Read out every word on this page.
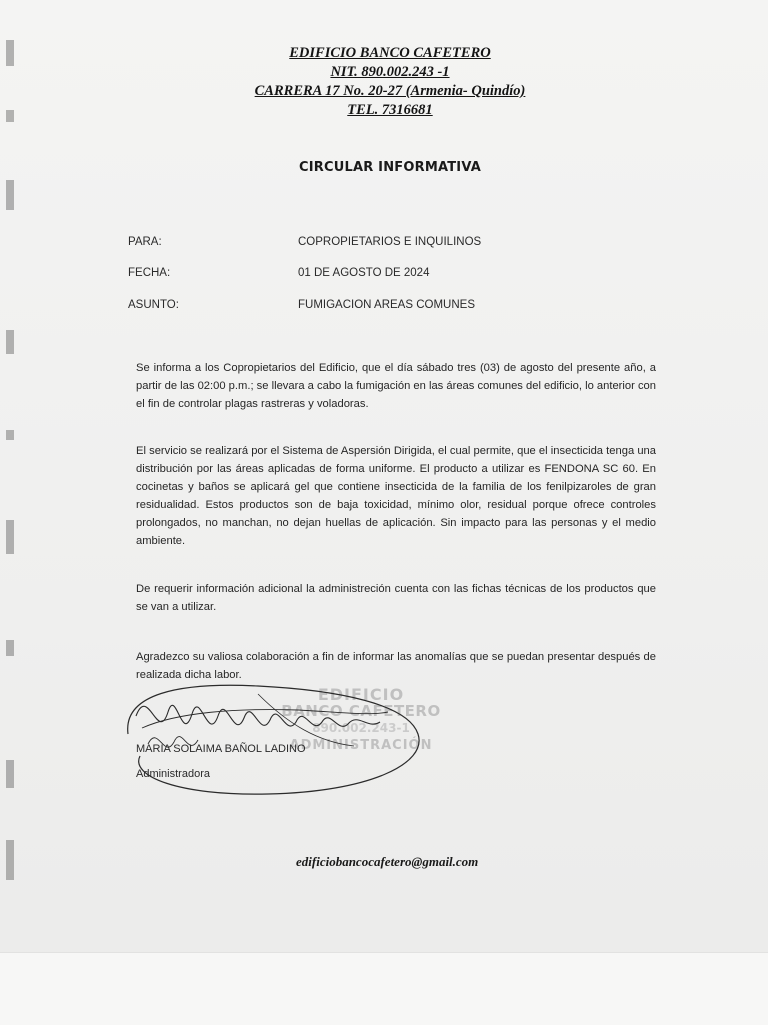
EDIFICIO BANCO CAFETERO
NIT. 890.002.243 -1
CARRERA 17 No. 20-27 (Armenia- Quindío)
TEL. 7316681
CIRCULAR INFORMATIVA
PARA:	COPROPIETARIOS E INQUILINOS
FECHA:	01 DE AGOSTO DE 2024
ASUNTO:	FUMIGACION AREAS COMUNES
Se informa a los Copropietarios del Edificio, que el día sábado tres (03) de agosto del presente año, a partir de las 02:00 p.m.; se llevara a cabo la fumigación en las áreas comunes del edificio, lo anterior con el fin de controlar plagas rastreras y voladoras.
El servicio se realizará por el Sistema de Aspersión Dirigida, el cual permite, que el insecticida tenga una distribución por las áreas aplicadas de forma uniforme. El producto a utilizar es FENDONA SC 60. En cocinetas y baños se aplicará gel que contiene insecticida de la familia de los fenilpizaroles de gran residualidad. Estos productos son de baja toxicidad, mínimo olor, residual porque ofrece controles prolongados, no manchan, no dejan huellas de aplicación. Sin impacto para las personas y el medio ambiente.
De requerir información adicional la administreción cuenta con las fichas técnicas de los productos que se van a utilizar.
Agradezco su valiosa colaboración a fin de informar las anomalías que se puedan presentar después de realizada dicha labor.
EDIFICIO
BANCO CAFETERO
890.002.243-1
ADMINISTRACIÓN
MARIA SOLAIMA BAÑOL LADINO
Administradora
edificiobancocafetero@gmail.com
